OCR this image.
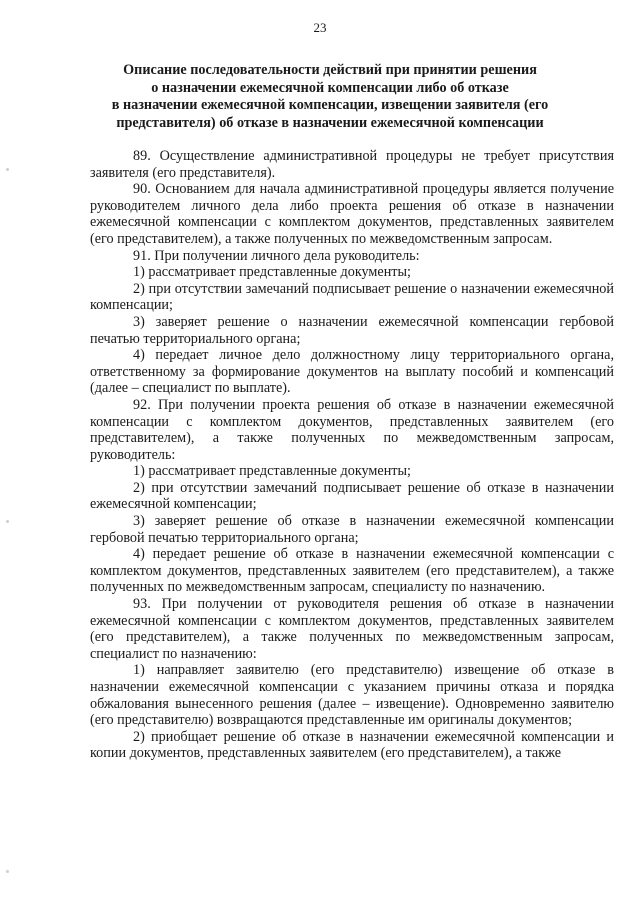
23
Описание последовательности действий при принятии решения
о назначении ежемесячной компенсации либо об отказе
в назначении ежемесячной компенсации, извещении заявителя (его
представителя) об отказе в назначении ежемесячной компенсации

89. Осуществление административной процедуры не требует присутствия заявителя (его представителя).

90. Основанием для начала административной процедуры является получение руководителем личного дела либо проекта решения об отказе в назначении ежемесячной компенсации с комплектом документов, представленных заявителем (его представителем), а также полученных по межведомственным запросам.

91. При получении личного дела руководитель:

1) рассматривает представленные документы;

2) при отсутствии замечаний подписывает решение о назначении ежемесячной компенсации;

3) заверяет решение о назначении ежемесячной компенсации гербовой печатью территориального органа;

4) передает личное дело должностному лицу территориального органа, ответственному за формирование документов на выплату пособий и компенсаций (далее – специалист по выплате).

92. При получении проекта решения об отказе в назначении ежемесячной компенсации с комплектом документов, представленных заявителем (его представителем), а также полученных по межведомственным запросам, руководитель:

1) рассматривает представленные документы;

2) при отсутствии замечаний подписывает решение об отказе в назначении ежемесячной компенсации;

3) заверяет решение об отказе в назначении ежемесячной компенсации гербовой печатью территориального органа;

4) передает решение об отказе в назначении ежемесячной компенсации с комплектом документов, представленных заявителем (его представителем), а также полученных по межведомственным запросам, специалисту по назначению.

93. При получении от руководителя решения об отказе в назначении ежемесячной компенсации с комплектом документов, представленных заявителем (его представителем), а также полученных по межведомственным запросам, специалист по назначению:

1) направляет заявителю (его представителю) извещение об отказе в назначении ежемесячной компенсации с указанием причины отказа и порядка обжалования вынесенного решения (далее – извещение). Одновременно заявителю (его представителю) возвращаются представленные им оригиналы документов;

2) приобщает решение об отказе в назначении ежемесячной компенсации и копии документов, представленных заявителем (его представителем), а также
